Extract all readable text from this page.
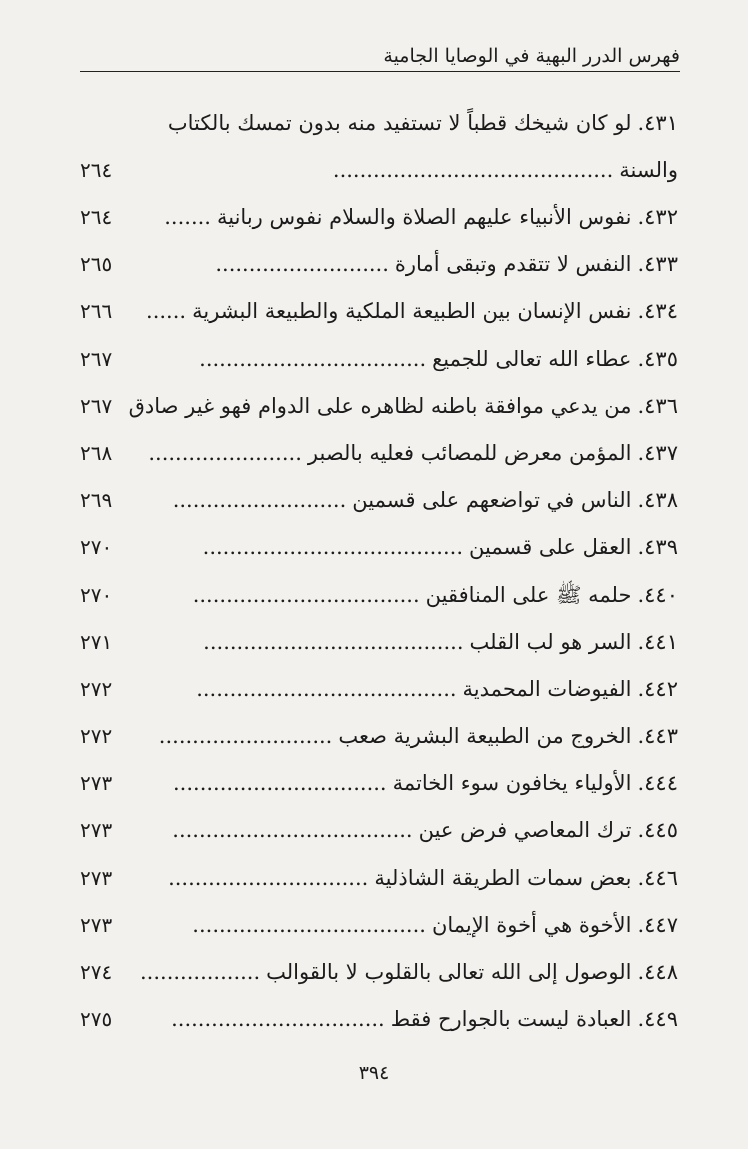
فهرس الدرر البهية في الوصايا الجامية
٤٣١.لو كان شيخك قطباً لا تستفيد منه بدون تمسك بالكتاب
والسنة..........................................
٢٦٤
٤٣٢.نفوس الأنبياء عليهم الصلاة والسلام نفوس ربانية.......
٢٦٤
٤٣٣.النفس لا تتقدم وتبقى أمارة..........................
٢٦٥
٤٣٤.نفس الإنسان بين الطبيعة الملكية والطبيعة البشرية......
٢٦٦
٤٣٥.عطاء الله تعالى للجميع..................................
٢٦٧
٤٣٦.من يدعي موافقة باطنه لظاهره على الدوام فهو غير صادق
٢٦٧
٤٣٧.المؤمن معرض للمصائب فعليه بالصبر.......................
٢٦٨
٤٣٨.الناس في تواضعهم على قسمين..........................
٢٦٩
٤٣٩.العقل على قسمين.......................................
٢٧٠
٤٤٠.حلمه ﷺ على المنافقين..................................
٢٧٠
٤٤١.السر هو لب القلب.......................................
٢٧١
٤٤٢.الفيوضات المحمدية.......................................
٢٧٢
٤٤٣.الخروج من الطبيعة البشرية صعب..........................
٢٧٢
٤٤٤.الأولياء يخافون سوء الخاتمة................................
٢٧٣
٤٤٥.ترك المعاصي فرض عين....................................
٢٧٣
٤٤٦.بعض سمات الطريقة الشاذلية..............................
٢٧٣
٤٤٧.الأخوة هي أخوة الإيمان...................................
٢٧٣
٤٤٨.الوصول إلى الله تعالى بالقلوب لا بالقوالب..................
٢٧٤
٤٤٩.العبادة ليست بالجوارح فقط................................
٢٧٥
٣٩٤
